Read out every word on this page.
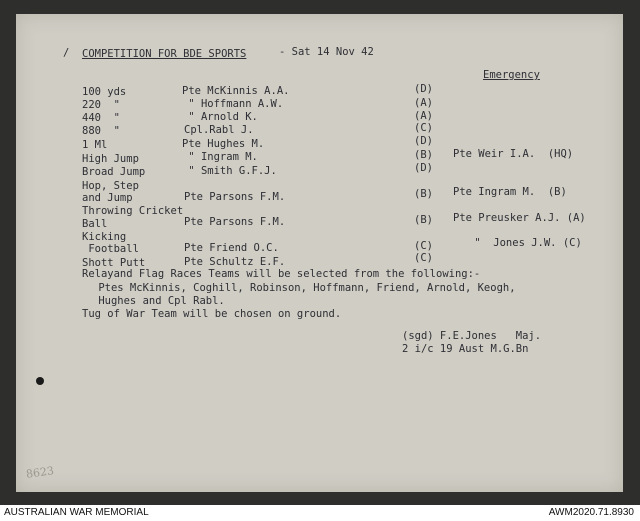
/ COMPETITION FOR BDE SPORTS	- Sat 14 Nov 42
Emergency
100 yds	Pte McKinnis A.A.	(D)
220  "	" Hoffmann A.W.	(A)
440  "	" Arnold K.	(A)
880  "	Cpl.Rabl J.	(C)
1 Ml	Pte Hughes M.	(D)
High Jump	" Ingram M.	(B) Pte Weir I.A.  (HQ)
Broad Jump	" Smith G.F.J.	(D)
Hop, Step
and Jump	Pte Parsons F.M.	(B) Pte Ingram M.  (B)
Throwing Cricket
Ball	Pte Parsons F.M.	(B) Pte Preusker A.J. (A)
Kicking
Football	Pte Friend O.C.	(C)	"  Jones J.W. (C)
Shott Putt	Pte Schultz E.F.	(C)
Relayand Flag Races Teams will be selected from the following:-
Ptes McKinnis, Coghill, Robinson, Hoffmann, Friend, Arnold, Keogh,
Hughes and Cpl Rabl.
Tug of War Team will be chosen on ground.
(sgd) F.E.Jones   Maj.
2 i/c 19 Aust M.G.Bn
8623
AUSTRALIAN WAR MEMORIAL	AWM2020.71.8930
